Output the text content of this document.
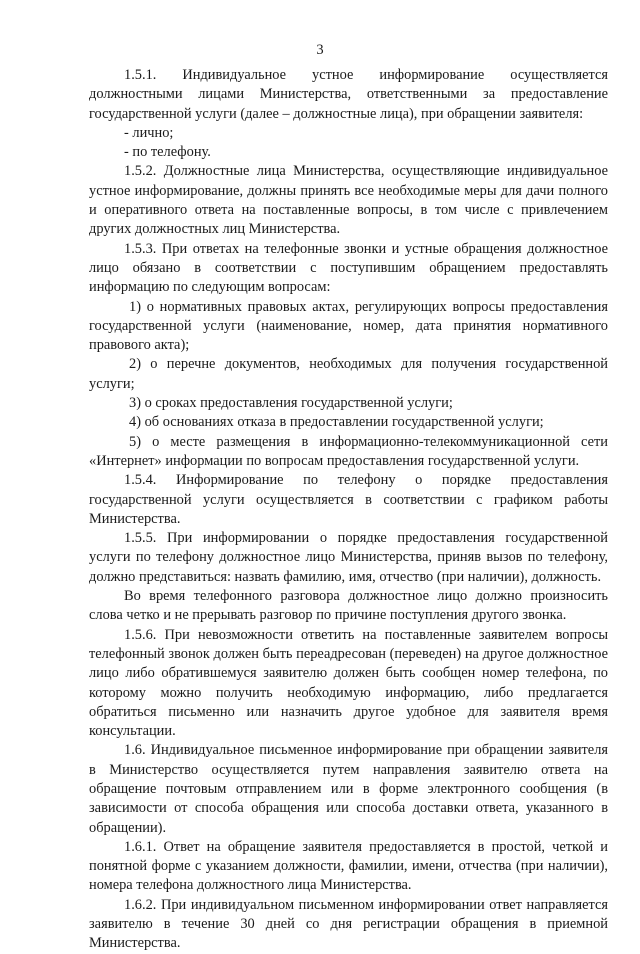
3

1.5.1. Индивидуальное устное информирование осуществляется должностными лицами Министерства, ответственными за предоставление государственной услуги (далее – должностные лица), при обращении заявителя:

- лично;

- по телефону.

1.5.2. Должностные лица Министерства, осуществляющие индивидуальное устное информирование, должны принять все необходимые меры для дачи полного и оперативного ответа на поставленные вопросы, в том числе с привлечением других должностных лиц Министерства.

1.5.3. При ответах на телефонные звонки и устные обращения должностное лицо обязано в соответствии с поступившим обращением предоставлять информацию по следующим вопросам:

1) о нормативных правовых актах, регулирующих вопросы предоставления государственной услуги (наименование, номер, дата принятия нормативного правового акта);

2) о перечне документов, необходимых для получения государственной услуги;

3) о сроках предоставления государственной услуги;

4) об основаниях отказа в предоставлении государственной услуги;

5) о месте размещения в информационно-телекоммуникационной сети «Интернет» информации по вопросам предоставления государственной услуги.

1.5.4. Информирование по телефону о порядке предоставления государственной услуги осуществляется в соответствии с графиком работы Министерства.

1.5.5. При информировании о порядке предоставления государственной услуги по телефону должностное лицо Министерства, приняв вызов по телефону, должно представиться: назвать фамилию, имя, отчество (при наличии), должность.

Во время телефонного разговора должностное лицо должно произносить слова четко и не прерывать разговор по причине поступления другого звонка.

1.5.6. При невозможности ответить на поставленные заявителем вопросы телефонный звонок должен быть переадресован (переведен) на другое должностное лицо либо обратившемуся заявителю должен быть сообщен номер телефона, по которому можно получить необходимую информацию, либо предлагается обратиться письменно или назначить другое удобное для заявителя время консультации.

1.6. Индивидуальное письменное информирование при обращении заявителя в Министерство осуществляется путем направления заявителю ответа на обращение почтовым отправлением или в форме электронного сообщения (в зависимости от способа обращения или способа доставки ответа, указанного в обращении).

1.6.1. Ответ на обращение заявителя предоставляется в простой, четкой и понятной форме с указанием должности, фамилии, имени, отчества (при наличии), номера телефона должностного лица Министерства.

1.6.2. При индивидуальном письменном информировании ответ направляется заявителю в течение 30 дней со дня регистрации обращения в приемной Министерства.
